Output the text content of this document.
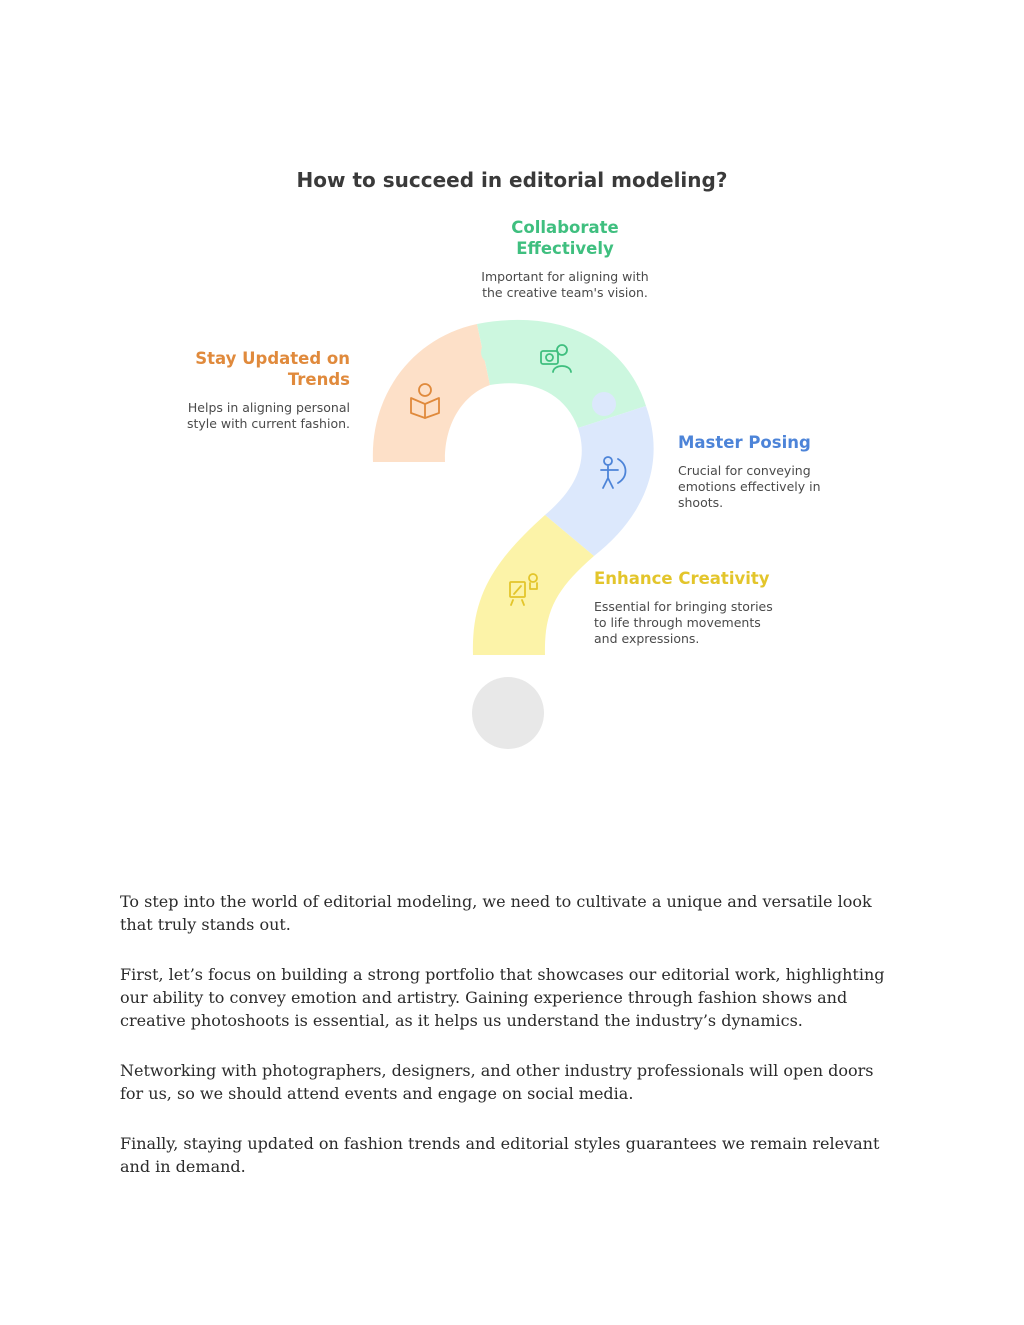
How to succeed in editorial modeling?
Collaborate
Effectively
Important for aligning with
the creative team's vision.
Stay Updated on
Trends
Helps in aligning personal
style with current fashion.
Master Posing
Crucial for conveying
emotions effectively in
shoots.
Enhance Creativity
Essential for bringing stories
to life through movements
and expressions.

To step into the world of editorial modeling, we need to cultivate a unique and versatile look that truly stands out.

First, let’s focus on building a strong portfolio that showcases our editorial work, highlighting our ability to convey emotion and artistry. Gaining experience through fashion shows and creative photoshoots is essential, as it helps us understand the industry’s dynamics.

Networking with photographers, designers, and other industry professionals will open doors for us, so we should attend events and engage on social media.

Finally, staying updated on fashion trends and editorial styles guarantees we remain relevant and in demand.
